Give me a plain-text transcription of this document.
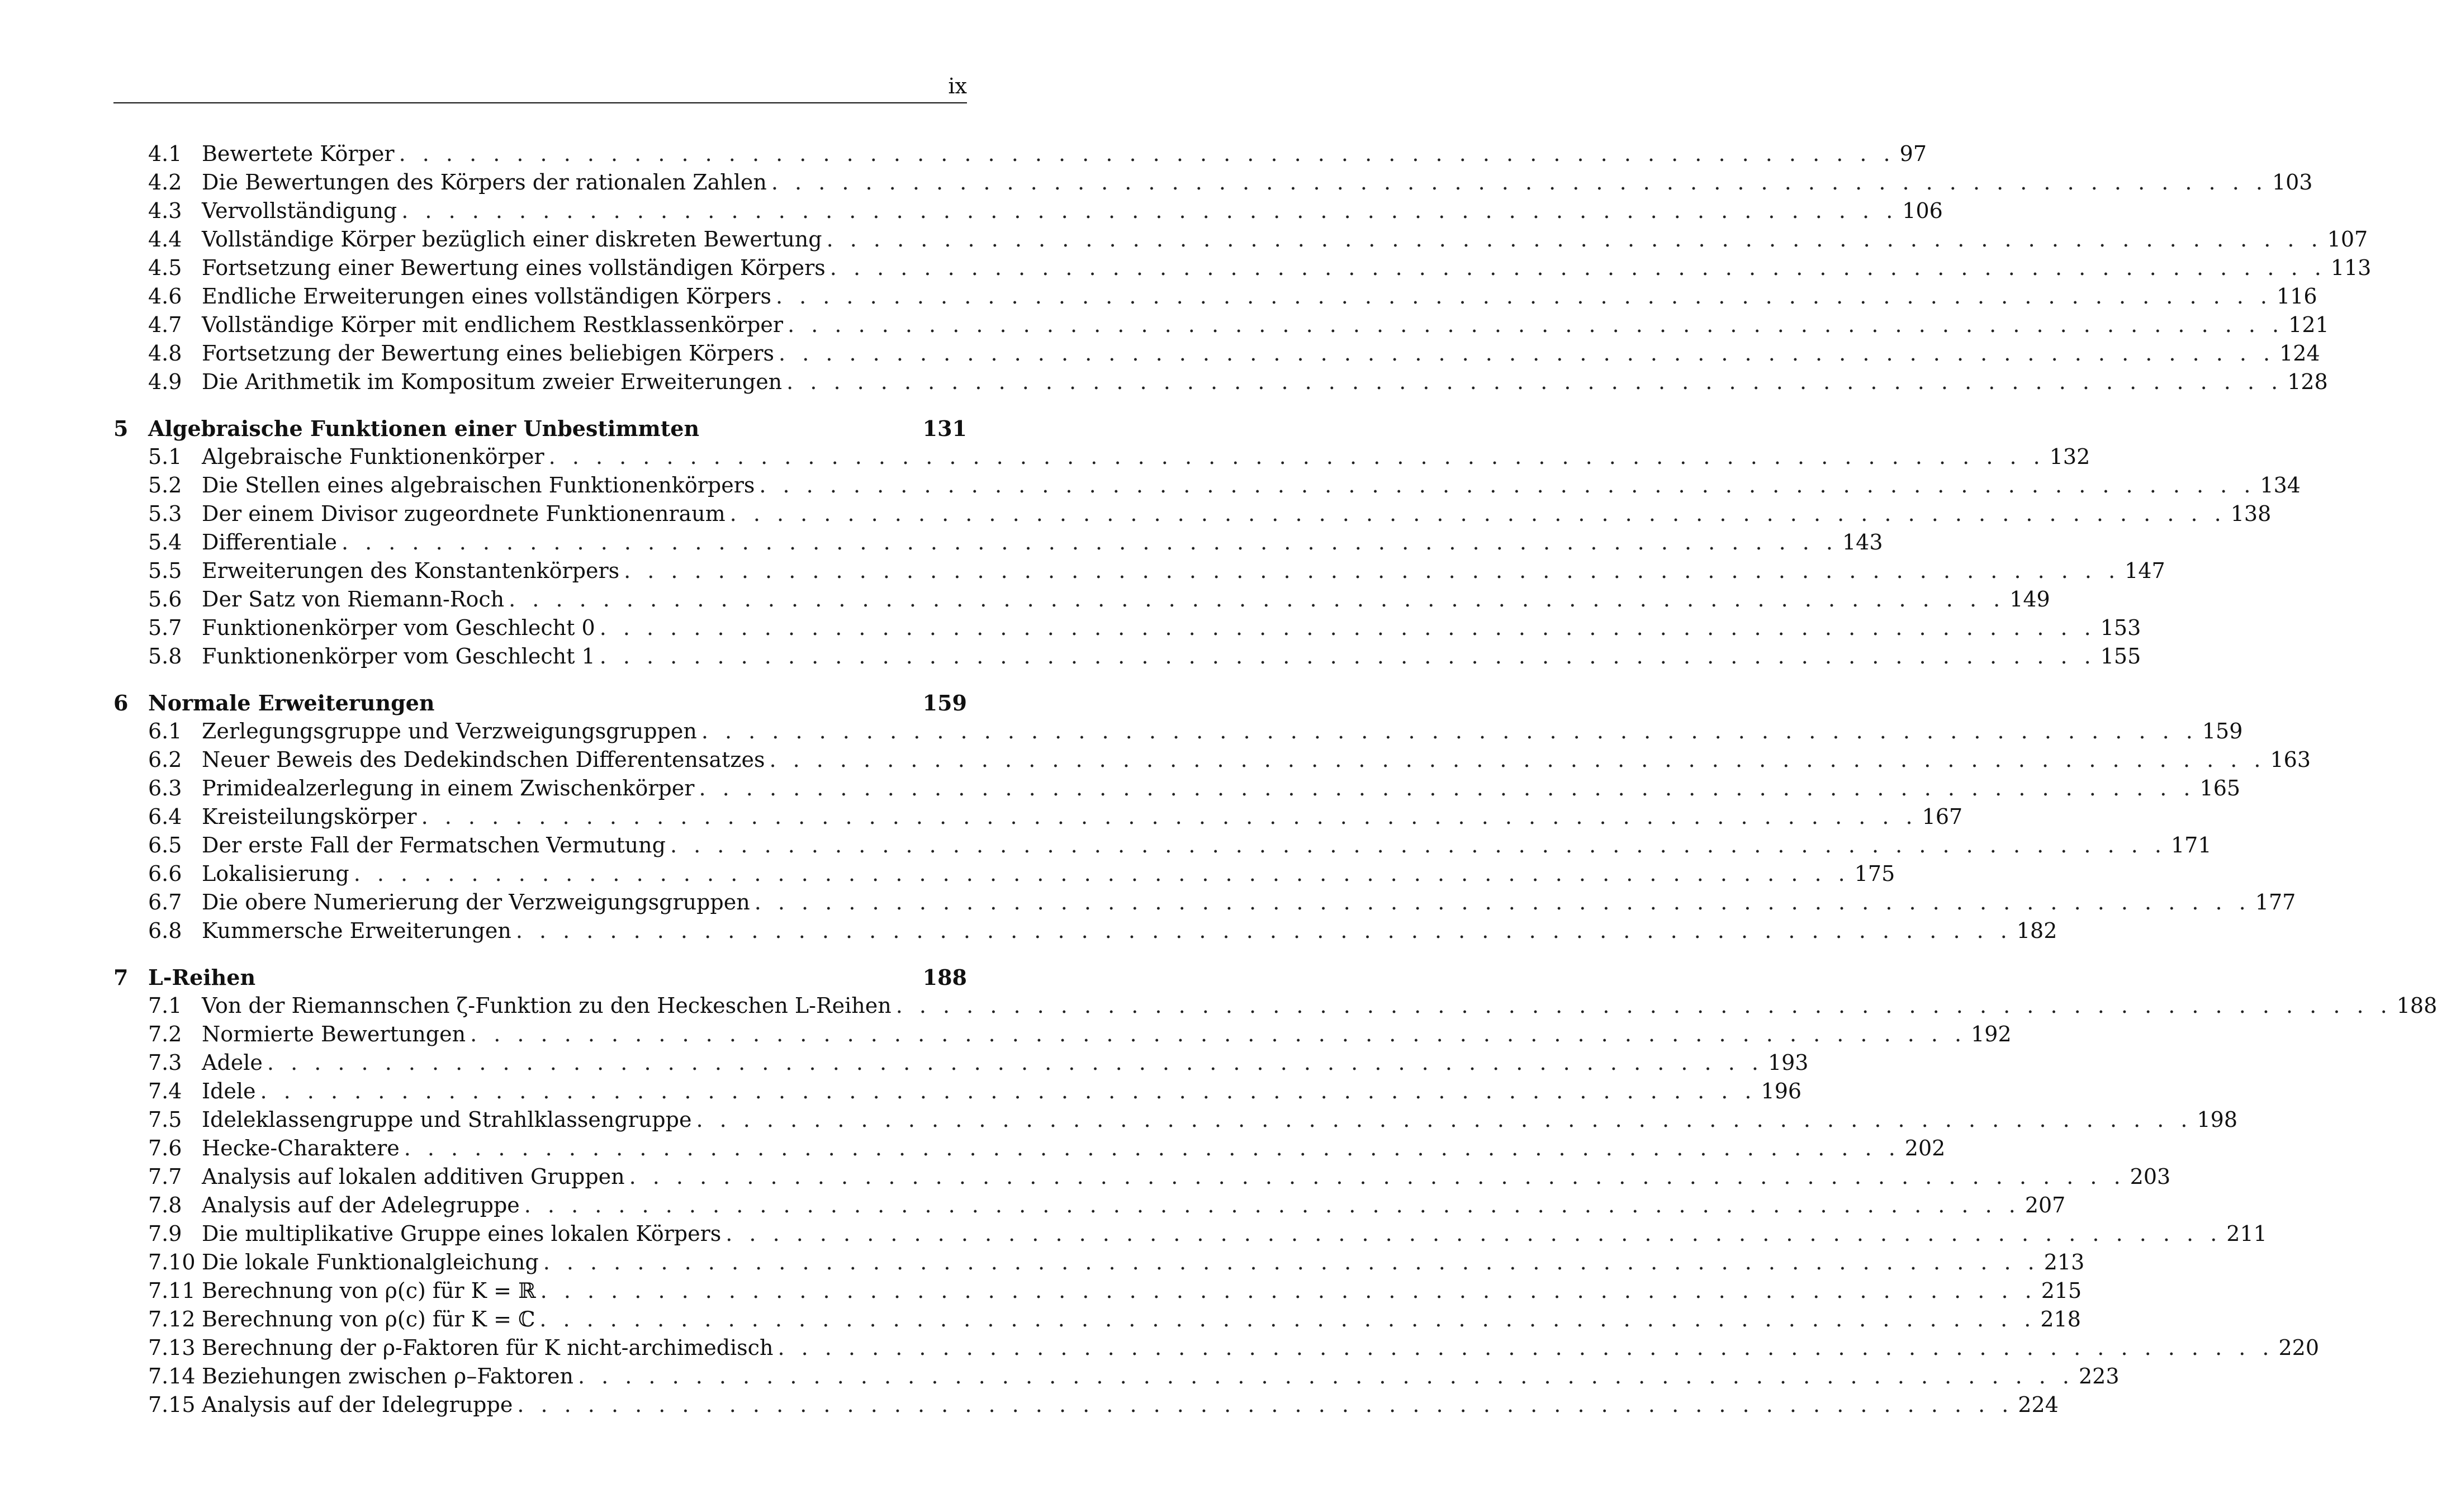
ix
4.1 Bewertete Körper . . . . . . . . . . . . . . . . . . . . . . . . . . . . . . . . . . . . . . . . . . . . . . . . . . . . . . . . . . . . . . . . 97
4.2 Die Bewertungen des Körpers der rationalen Zahlen . . . . . . . . . . . . . . . . . . . . . . . . . . . . . . . . . . . . . . . . . . . . . . . . . . . . . . . . . . . . . . . . 103
4.3 Vervollständigung . . . . . . . . . . . . . . . . . . . . . . . . . . . . . . . . . . . . . . . . . . . . . . . . . . . . . . . . . . . . . . . . 106
4.4 Vollständige Körper bezüglich einer diskreten Bewertung . . . . . . . . . . . . . . . . . . . . . . . . . . . . . . . . . . . . . . . . . . . . . . . . . . . . . . . . . . . . . . . . 107
4.5 Fortsetzung einer Bewertung eines vollständigen Körpers . . . . . . . . . . . . . . . . . . . . . . . . . . . . . . . . . . . . . . . . . . . . . . . . . . . . . . . . . . . . . . . . 113
4.6 Endliche Erweiterungen eines vollständigen Körpers . . . . . . . . . . . . . . . . . . . . . . . . . . . . . . . . . . . . . . . . . . . . . . . . . . . . . . . . . . . . . . . . 116
4.7 Vollständige Körper mit endlichem Restklassenkörper . . . . . . . . . . . . . . . . . . . . . . . . . . . . . . . . . . . . . . . . . . . . . . . . . . . . . . . . . . . . . . . . 121
4.8 Fortsetzung der Bewertung eines beliebigen Körpers . . . . . . . . . . . . . . . . . . . . . . . . . . . . . . . . . . . . . . . . . . . . . . . . . . . . . . . . . . . . . . . . 124
4.9 Die Arithmetik im Kompositum zweier Erweiterungen . . . . . . . . . . . . . . . . . . . . . . . . . . . . . . . . . . . . . . . . . . . . . . . . . . . . . . . . . . . . . . . . 128
5 Algebraische Funktionen einer Unbestimmten	131
5.1 Algebraische Funktionenkörper . . . . . . . . . . . . . . . . . . . . . . . . . . . . . . . . . . . . . . . . . . . . . . . . . . . . . . . . . . . . . . . . 132
5.2 Die Stellen eines algebraischen Funktionenkörpers . . . . . . . . . . . . . . . . . . . . . . . . . . . . . . . . . . . . . . . . . . . . . . . . . . . . . . . . . . . . . . . . 134
5.3 Der einem Divisor zugeordnete Funktionenraum . . . . . . . . . . . . . . . . . . . . . . . . . . . . . . . . . . . . . . . . . . . . . . . . . . . . . . . . . . . . . . . . 138
5.4 Differentiale . . . . . . . . . . . . . . . . . . . . . . . . . . . . . . . . . . . . . . . . . . . . . . . . . . . . . . . . . . . . . . . . 143
5.5 Erweiterungen des Konstantenkörpers . . . . . . . . . . . . . . . . . . . . . . . . . . . . . . . . . . . . . . . . . . . . . . . . . . . . . . . . . . . . . . . . 147
5.6 Der Satz von Riemann-Roch . . . . . . . . . . . . . . . . . . . . . . . . . . . . . . . . . . . . . . . . . . . . . . . . . . . . . . . . . . . . . . . . 149
5.7 Funktionenkörper vom Geschlecht 0 . . . . . . . . . . . . . . . . . . . . . . . . . . . . . . . . . . . . . . . . . . . . . . . . . . . . . . . . . . . . . . . . 153
5.8 Funktionenkörper vom Geschlecht 1 . . . . . . . . . . . . . . . . . . . . . . . . . . . . . . . . . . . . . . . . . . . . . . . . . . . . . . . . . . . . . . . . 155
6 Normale Erweiterungen	159
6.1 Zerlegungsgruppe und Verzweigungsgruppen . . . . . . . . . . . . . . . . . . . . . . . . . . . . . . . . . . . . . . . . . . . . . . . . . . . . . . . . . . . . . . . . 159
6.2 Neuer Beweis des Dedekindschen Differentensatzes . . . . . . . . . . . . . . . . . . . . . . . . . . . . . . . . . . . . . . . . . . . . . . . . . . . . . . . . . . . . . . . . 163
6.3 Primidealzerlegung in einem Zwischenkörper . . . . . . . . . . . . . . . . . . . . . . . . . . . . . . . . . . . . . . . . . . . . . . . . . . . . . . . . . . . . . . . . 165
6.4 Kreisteilungskörper . . . . . . . . . . . . . . . . . . . . . . . . . . . . . . . . . . . . . . . . . . . . . . . . . . . . . . . . . . . . . . . . 167
6.5 Der erste Fall der Fermatschen Vermutung . . . . . . . . . . . . . . . . . . . . . . . . . . . . . . . . . . . . . . . . . . . . . . . . . . . . . . . . . . . . . . . . 171
6.6 Lokalisierung . . . . . . . . . . . . . . . . . . . . . . . . . . . . . . . . . . . . . . . . . . . . . . . . . . . . . . . . . . . . . . . . 175
6.7 Die obere Numerierung der Verzweigungsgruppen . . . . . . . . . . . . . . . . . . . . . . . . . . . . . . . . . . . . . . . . . . . . . . . . . . . . . . . . . . . . . . . . 177
6.8 Kummersche Erweiterungen . . . . . . . . . . . . . . . . . . . . . . . . . . . . . . . . . . . . . . . . . . . . . . . . . . . . . . . . . . . . . . . . 182
7 L-Reihen	188
7.1 Von der Riemannschen ζ-Funktion zu den Heckeschen L-Reihen . . . . . . . . . . . . . . . . . . . . . . . . . . . . . . . . . . . . . . . . . . . . . . . . . . . . . . . . . . . . . . . . 188
7.2 Normierte Bewertungen . . . . . . . . . . . . . . . . . . . . . . . . . . . . . . . . . . . . . . . . . . . . . . . . . . . . . . . . . . . . . . . . 192
7.3 Adele . . . . . . . . . . . . . . . . . . . . . . . . . . . . . . . . . . . . . . . . . . . . . . . . . . . . . . . . . . . . . . . . 193
7.4 Idele . . . . . . . . . . . . . . . . . . . . . . . . . . . . . . . . . . . . . . . . . . . . . . . . . . . . . . . . . . . . . . . . 196
7.5 Ideleklassengruppe und Strahlklassengruppe . . . . . . . . . . . . . . . . . . . . . . . . . . . . . . . . . . . . . . . . . . . . . . . . . . . . . . . . . . . . . . . . 198
7.6 Hecke-Charaktere . . . . . . . . . . . . . . . . . . . . . . . . . . . . . . . . . . . . . . . . . . . . . . . . . . . . . . . . . . . . . . . . 202
7.7 Analysis auf lokalen additiven Gruppen . . . . . . . . . . . . . . . . . . . . . . . . . . . . . . . . . . . . . . . . . . . . . . . . . . . . . . . . . . . . . . . . 203
7.8 Analysis auf der Adelegruppe . . . . . . . . . . . . . . . . . . . . . . . . . . . . . . . . . . . . . . . . . . . . . . . . . . . . . . . . . . . . . . . . 207
7.9 Die multiplikative Gruppe eines lokalen Körpers . . . . . . . . . . . . . . . . . . . . . . . . . . . . . . . . . . . . . . . . . . . . . . . . . . . . . . . . . . . . . . . . 211
7.10 Die lokale Funktionalgleichung . . . . . . . . . . . . . . . . . . . . . . . . . . . . . . . . . . . . . . . . . . . . . . . . . . . . . . . . . . . . . . . . 213
7.11 Berechnung von ρ(c) für K = ℝ . . . . . . . . . . . . . . . . . . . . . . . . . . . . . . . . . . . . . . . . . . . . . . . . . . . . . . . . . . . . . . . . 215
7.12 Berechnung von ρ(c) für K = ℂ . . . . . . . . . . . . . . . . . . . . . . . . . . . . . . . . . . . . . . . . . . . . . . . . . . . . . . . . . . . . . . . . 218
7.13 Berechnung der ρ-Faktoren für K nicht-archimedisch . . . . . . . . . . . . . . . . . . . . . . . . . . . . . . . . . . . . . . . . . . . . . . . . . . . . . . . . . . . . . . . . 220
7.14 Beziehungen zwischen ρ–Faktoren . . . . . . . . . . . . . . . . . . . . . . . . . . . . . . . . . . . . . . . . . . . . . . . . . . . . . . . . . . . . . . . . 223
7.15 Analysis auf der Idelegruppe . . . . . . . . . . . . . . . . . . . . . . . . . . . . . . . . . . . . . . . . . . . . . . . . . . . . . . . . . . . . . . . . 224
